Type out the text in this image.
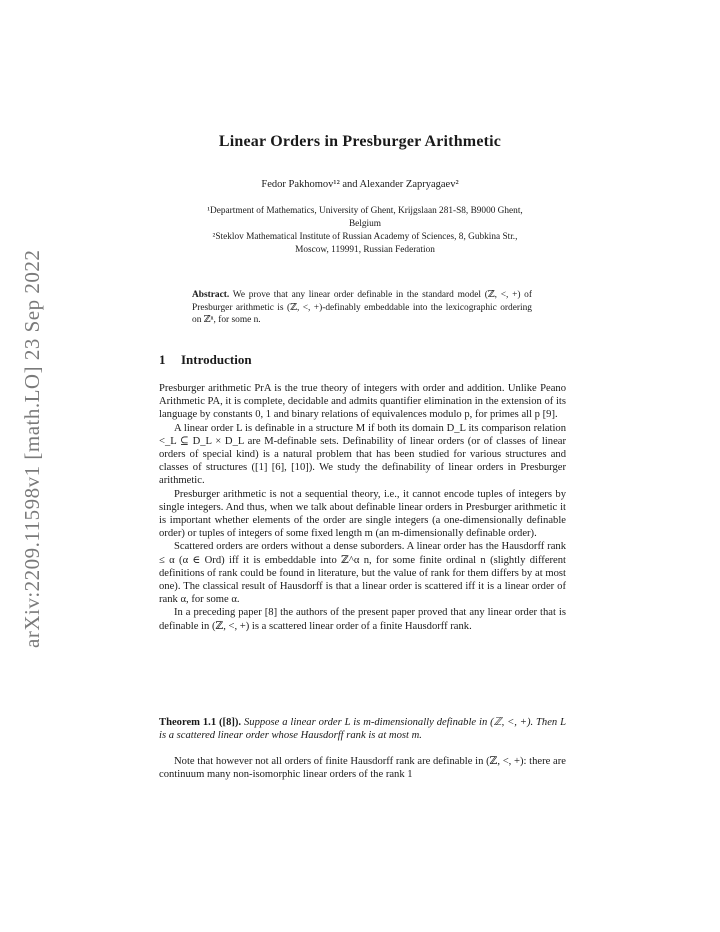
arXiv:2209.11598v1 [math.LO] 23 Sep 2022
Linear Orders in Presburger Arithmetic
Fedor Pakhomov¹² and Alexander Zapryagaev²
¹Department of Mathematics, University of Ghent, Krijgslaan 281-S8, B9000 Ghent,
Belgium
²Steklov Mathematical Institute of Russian Academy of Sciences, 8, Gubkina Str.,
Moscow, 119991, Russian Federation
Abstract. We prove that any linear order definable in the standard model (ℤ, <, +) of Presburger arithmetic is (ℤ, <, +)-definably embeddable into the lexicographic ordering on ℤⁿ, for some n.
1 Introduction

Presburger arithmetic PrA is the true theory of integers with order and addition. Unlike Peano Arithmetic PA, it is complete, decidable and admits quantifier elimination in the extension of its language by constants 0, 1 and binary relations of equivalences modulo p, for primes all p [9].

A linear order L is definable in a structure M if both its domain D_L its comparison relation <_L ⊆ D_L × D_L are M-definable sets. Definability of linear orders (or of classes of linear orders of special kind) is a natural problem that has been studied for various structures and classes of structures ([1] [6], [10]). We study the definability of linear orders in Presburger arithmetic.

Presburger arithmetic is not a sequential theory, i.e., it cannot encode tuples of integers by single integers. And thus, when we talk about definable linear orders in Presburger arithmetic it is important whether elements of the order are single integers (a one-dimensionally definable order) or tuples of integers of some fixed length m (an m-dimensionally definable order).

Scattered orders are orders without a dense suborders. A linear order has the Hausdorff rank ≤ α (α ∈ Ord) iff it is embeddable into ℤ^α n, for some finite ordinal n (slightly different definitions of rank could be found in literature, but the value of rank for them differs by at most one). The classical result of Hausdorff is that a linear order is scattered iff it is a linear order of rank α, for some α.

In a preceding paper [8] the authors of the present paper proved that any linear order that is definable in (ℤ, <, +) is a scattered linear order of a finite Hausdorff rank.

Theorem 1.1 ([8]). Suppose a linear order L is m-dimensionally definable in (ℤ, <, +). Then L is a scattered linear order whose Hausdorff rank is at most m.

Note that however not all orders of finite Hausdorff rank are definable in (ℤ, <, +): there are continuum many non-isomorphic linear orders of the rank 1
